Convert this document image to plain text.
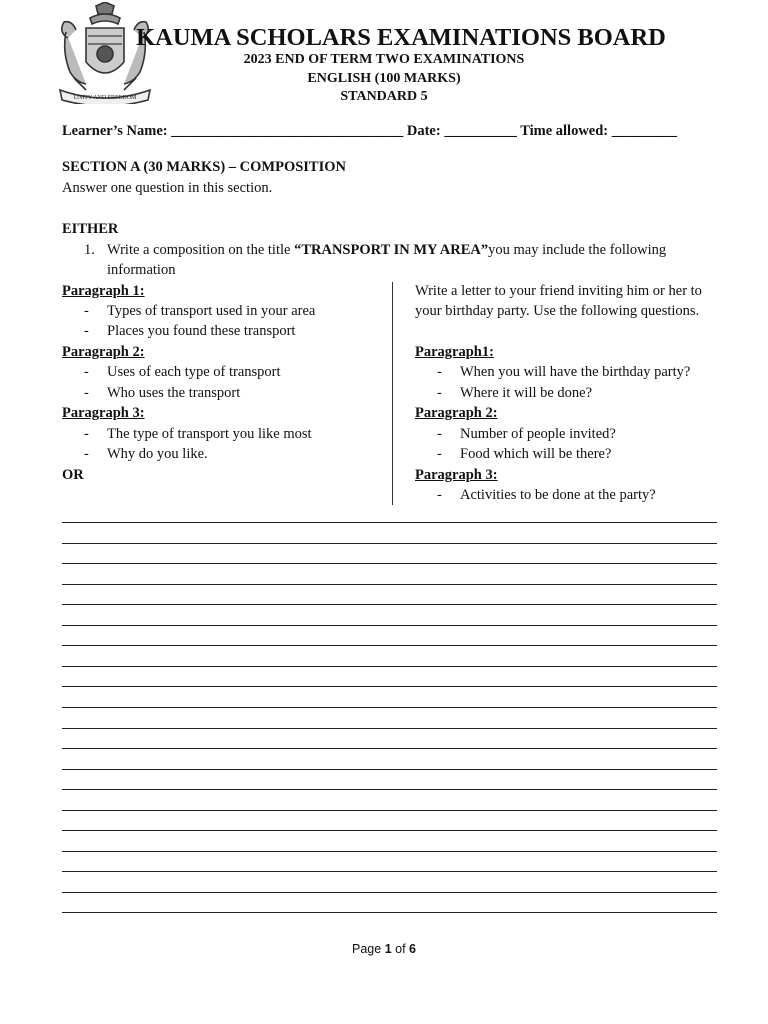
UNITY AND FREEDOM
KAUMA SCHOLARS EXAMINATIONS BOARD
2023 END OF TERM TWO EXAMINATIONS
ENGLISH (100 MARKS)
STANDARD 5
Learner’s Name: ________________________________ Date: __________ Time allowed: _________
SECTION A (30 MARKS) – COMPOSITION
Answer one question in this section.
EITHER
1. Write a composition on the title “TRANSPORT IN MY AREA”you may include the following
information
Paragraph 1:
- Types of transport used in your area
- Places you found these transport
Paragraph 2:
- Uses of each type of transport
- Who uses the transport
Paragraph 3:
- The type of transport you like most
- Why do you like.
OR
Write a letter to your friend inviting him or her to
your birthday party. Use the following questions.
Paragraph1:
- When you will have the birthday party?
- Where it will be done?
Paragraph 2:
- Number of people invited?
- Food which will be there?
Paragraph 3:
- Activities to be done at the party?
Page 1 of 6
